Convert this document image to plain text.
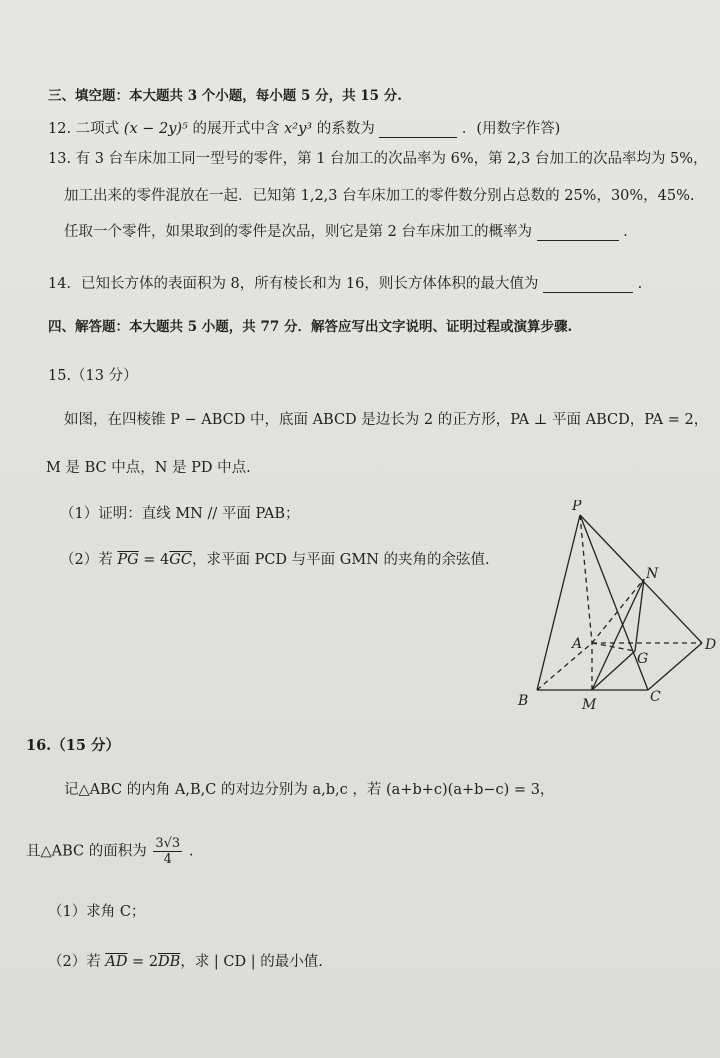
三、填空题：本大题共 3 个小题，每小题 5 分，共 15 分.
12. 二项式 (x − 2y)⁵ 的展开式中含 x²y³ 的系数为	．(用数字作答)
13. 有 3 台车床加工同一型号的零件，第 1 台加工的次品率为 6%，第 2,3 台加工的次品率均为 5%，
加工出来的零件混放在一起．已知第 1,2,3 台车床加工的零件数分别占总数的 25%，30%，45%.
任取一个零件，如果取到的零件是次品，则它是第 2 台车床加工的概率为	.
14．已知长方体的表面积为 8，所有棱长和为 16，则长方体体积的最大值为	.
四、解答题：本大题共 5 小题，共 77 分．解答应写出文字说明、证明过程或演算步骤.
15.（13 分）
如图，在四棱锥 P − ABCD 中，底面 ABCD 是边长为 2 的正方形，PA ⊥ 平面 ABCD，PA = 2，
M 是 BC 中点，N 是 PD 中点.
（1）证明：直线 MN // 平面 PAB；
（2）若 $\overline{PG} = 4\overline{GC}$，求平面 PCD 与平面 GMN 的夹角的余弦值.
P
N
A	D
G
B	M	C
16.（15 分）
记△ABC 的内角 A,B,C 的对边分别为 a,b,c ，若 (a+b+c)(a+b−c) = 3，
且△ABC 的面积为 $\frac{3√3}{4}$ .
（1）求角 C；
（2）若 $\overline{AD} = 2\overline{DB}$，求 | CD | 的最小值.
